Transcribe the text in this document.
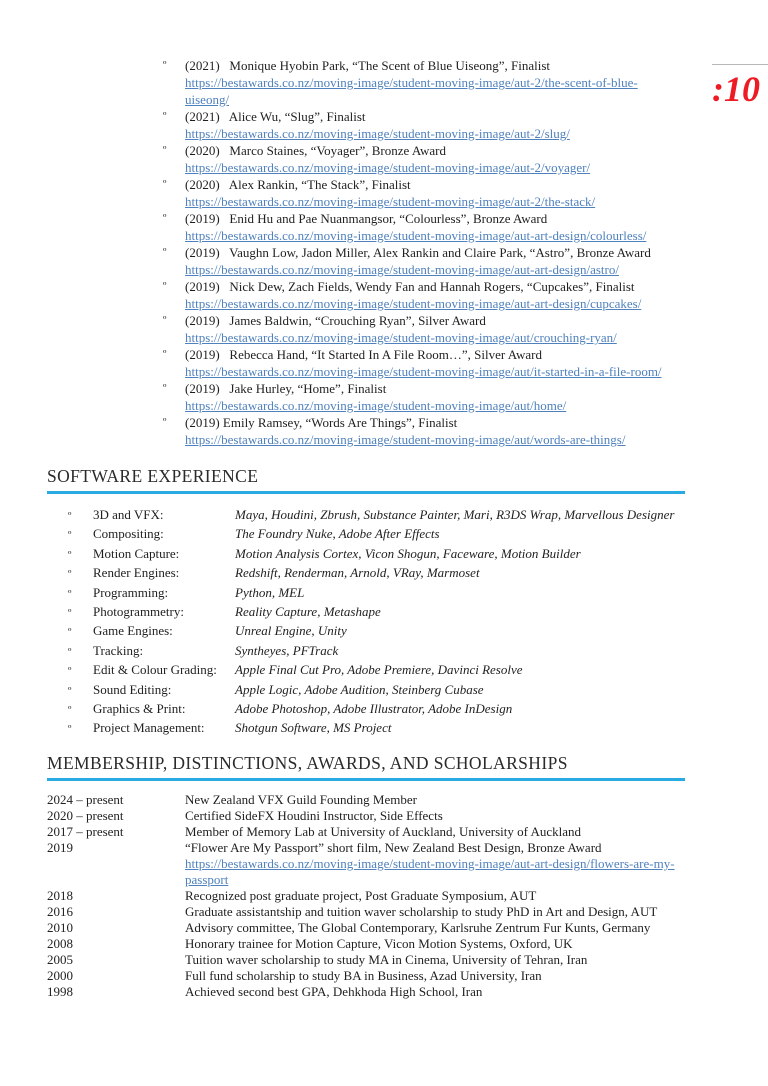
:10
º (2021)   Monique Hyobin Park, “The Scent of Blue Uiseong”, Finalist
https://bestawards.co.nz/moving-image/student-moving-image/aut-2/the-scent-of-blue-
uiseong/
º (2021)   Alice Wu, “Slug”, Finalist
https://bestawards.co.nz/moving-image/student-moving-image/aut-2/slug/
º (2020)   Marco Staines, “Voyager”, Bronze Award
https://bestawards.co.nz/moving-image/student-moving-image/aut-2/voyager/
º (2020)   Alex Rankin, “The Stack”, Finalist
https://bestawards.co.nz/moving-image/student-moving-image/aut-2/the-stack/
º (2019)   Enid Hu and Pae Nuanmangsor, “Colourless”, Bronze Award
https://bestawards.co.nz/moving-image/student-moving-image/aut-art-design/colourless/
º (2019)   Vaughn Low, Jadon Miller, Alex Rankin and Claire Park, “Astro”, Bronze Award
https://bestawards.co.nz/moving-image/student-moving-image/aut-art-design/astro/
º (2019)   Nick Dew, Zach Fields, Wendy Fan and Hannah Rogers, “Cupcakes”, Finalist
https://bestawards.co.nz/moving-image/student-moving-image/aut-art-design/cupcakes/
º (2019)   James Baldwin, “Crouching Ryan”, Silver Award
https://bestawards.co.nz/moving-image/student-moving-image/aut/crouching-ryan/
º (2019)   Rebecca Hand, “It Started In A File Room…”, Silver Award
https://bestawards.co.nz/moving-image/student-moving-image/aut/it-started-in-a-file-room/
º (2019)   Jake Hurley, “Home”, Finalist
https://bestawards.co.nz/moving-image/student-moving-image/aut/home/
º (2019) Emily Ramsey, “Words Are Things”, Finalist
https://bestawards.co.nz/moving-image/student-moving-image/aut/words-are-things/
SOFTWARE EXPERIENCE
º	3D and VFX:	Maya, Houdini, Zbrush, Substance Painter, Mari, R3DS Wrap, Marvellous Designer
º	Compositing:	The Foundry Nuke, Adobe After Effects
º	Motion Capture:	Motion Analysis Cortex, Vicon Shogun, Faceware, Motion Builder
º	Render Engines:	Redshift, Renderman, Arnold, VRay, Marmoset
º	Programming:	Python, MEL
º	Photogrammetry:	Reality Capture, Metashape
º	Game Engines:	Unreal Engine, Unity
º	Tracking:	Syntheyes, PFTrack
º	Edit & Colour Grading:	Apple Final Cut Pro, Adobe Premiere, Davinci Resolve
º	Sound Editing:	Apple Logic, Adobe Audition, Steinberg Cubase
º	Graphics & Print:	Adobe Photoshop, Adobe Illustrator, Adobe InDesign
º	Project Management:	Shotgun Software, MS Project
MEMBERSHIP, DISTINCTIONS, AWARDS, AND SCHOLARSHIPS
2024 – present	New Zealand VFX Guild Founding Member
2020 – present	Certified SideFX Houdini Instructor, Side Effects
2017 – present	Member of Memory Lab at University of Auckland, University of Auckland
2019	“Flower Are My Passport” short film, New Zealand Best Design, Bronze Award
https://bestawards.co.nz/moving-image/student-moving-image/aut-art-design/flowers-are-my-
passport
2018	Recognized post graduate project, Post Graduate Symposium, AUT
2016	Graduate assistantship and tuition waver scholarship to study PhD in Art and Design, AUT
2010	Advisory committee, The Global Contemporary, Karlsruhe Zentrum Fur Kunts, Germany
2008	Honorary trainee for Motion Capture, Vicon Motion Systems, Oxford, UK
2005	Tuition waver scholarship to study MA in Cinema, University of Tehran, Iran
2000	Full fund scholarship to study BA in Business, Azad University, Iran
1998	Achieved second best GPA, Dehkhoda High School, Iran
